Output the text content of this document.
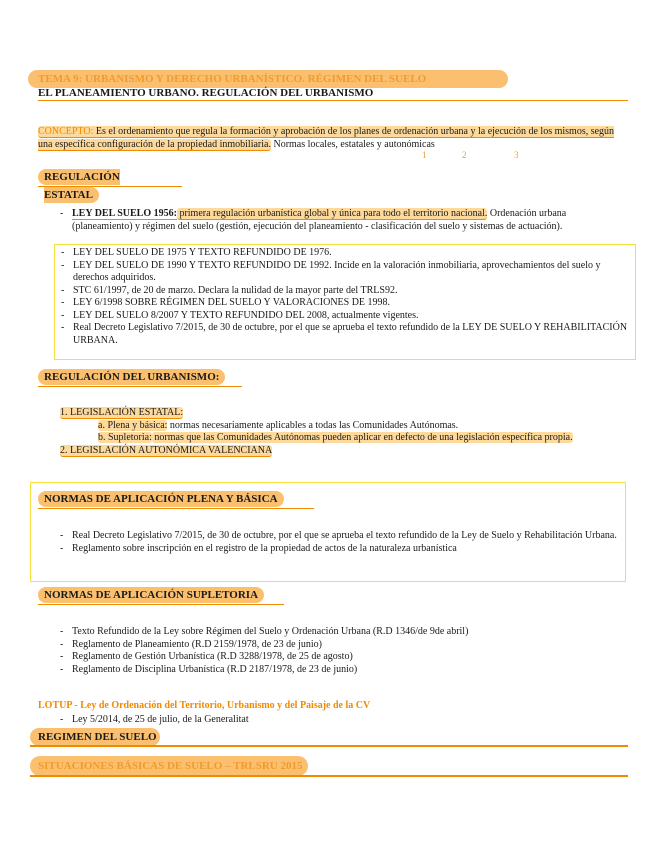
TEMA 9: URBANISMO Y DERECHO URBANÍSTICO. RÉGIMEN DEL SUELO
EL PLANEAMIENTO URBANO. REGULACIÓN DEL URBANISMO
CONCEPTO: Es el ordenamiento que regula la formación y aprobación de los planes de ordenación urbana y la ejecución de los mismos, según una específica configuración de la propiedad inmobiliaria. Normas locales, estatales y autonómicas
1	2	3
REGULACIÓN ESTATAL
- LEY DEL SUELO 1956: primera regulación urbanística global y única para todo el territorio nacional. Ordenación urbana (planeamiento) y régimen del suelo (gestión, ejecución del planeamiento - clasificación del suelo y sistemas de actuación).
- LEY DEL SUELO DE 1975 Y TEXTO REFUNDIDO DE 1976.
- LEY DEL SUELO DE 1990 Y TEXTO REFUNDIDO DE 1992. Incide en la valoración inmobiliaria, aprovechamientos del suelo y derechos adquiridos.
- STC 61/1997, de 20 de marzo. Declara la nulidad de la mayor parte del TRLS92.
- LEY 6/1998 SOBRE RÉGIMEN DEL SUELO Y VALORACIONES DE 1998.
- LEY DEL SUELO 8/2007 Y TEXTO REFUNDIDO DEL 2008, actualmente vigentes.
- Real Decreto Legislativo 7/2015, de 30 de octubre, por el que se aprueba el texto refundido de la LEY DE SUELO Y REHABILITACIÓN URBANA.
REGULACIÓN DEL URBANISMO:
1. LEGISLACIÓN ESTATAL:
a. Plena y básica: normas necesariamente aplicables a todas las Comunidades Autónomas.
b. Supletoria: normas que las Comunidades Autónomas pueden aplicar en defecto de una legislación específica propia.
2. LEGISLACIÓN AUTONÓMICA VALENCIANA
NORMAS DE APLICACIÓN PLENA Y BÁSICA
- Real Decreto Legislativo 7/2015, de 30 de octubre, por el que se aprueba el texto refundido de la Ley de Suelo y Rehabilitación Urbana.
- Reglamento sobre inscripción en el registro de la propiedad de actos de la naturaleza urbanística
NORMAS DE APLICACIÓN SUPLETORIA
- Texto Refundido de la Ley sobre Régimen del Suelo y Ordenación Urbana (R.D 1346/de 9de abril)
- Reglamento de Planeamiento (R.D 2159/1978, de 23 de junio)
- Reglamento de Gestión Urbanística (R.D 3288/1978, de 25 de agosto)
- Reglamento de Disciplina Urbanística (R.D 2187/1978, de 23 de junio)
LOTUP - Ley de Ordenación del Territorio, Urbanismo y del Paisaje de la CV
- Ley 5/2014, de 25 de julio, de la Generalitat
REGIMEN DEL SUELO
SITUACIONES BÁSICAS DE SUELO – TRLSRU 2015
